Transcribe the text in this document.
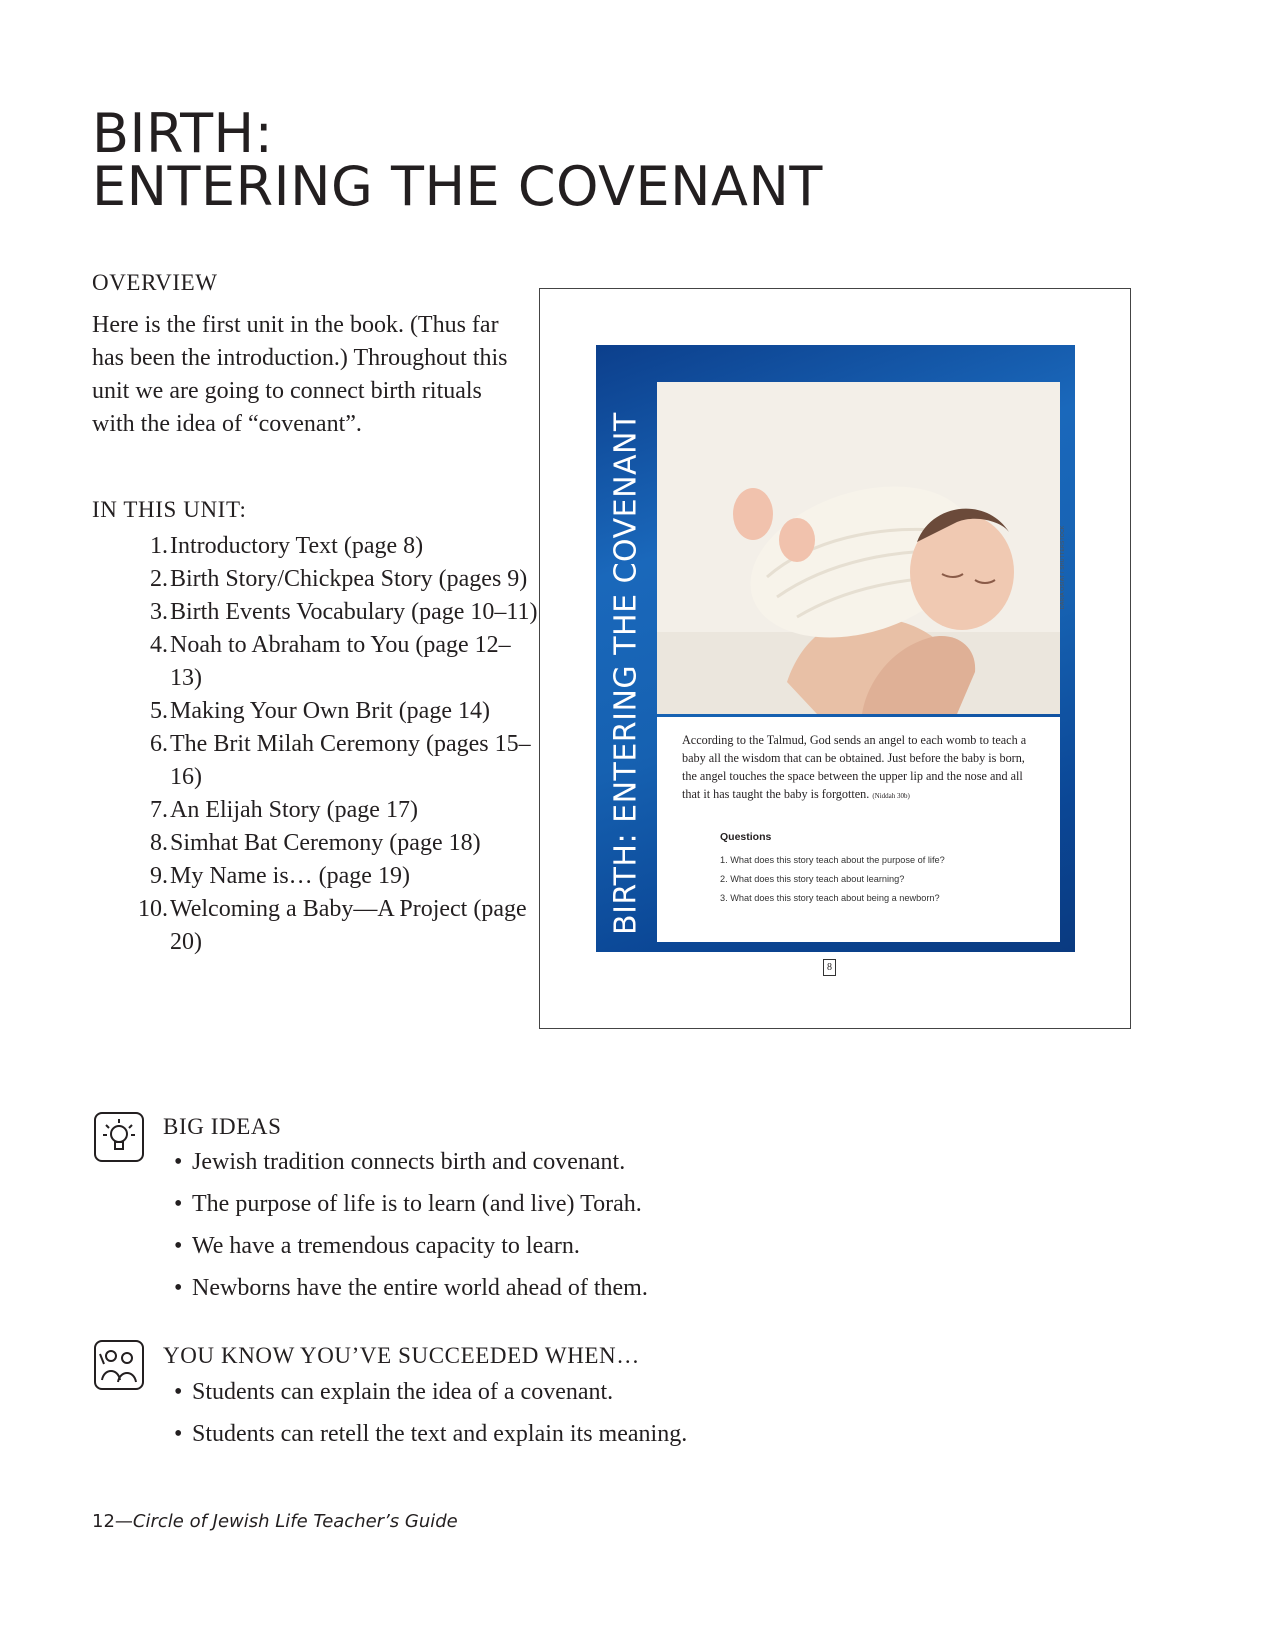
BIRTH:
ENTERING THE COVENANT
OVERVIEW

Here is the first unit in the book. (Thus far has been the introduction.) Throughout this unit we are going to connect birth rituals with the idea of “covenant”.

IN THIS UNIT:
1. Introductory Text (page 8)
2. Birth Story/Chickpea Story (pages 9)
3. Birth Events Vocabulary (page 10–11)
4. Noah to Abraham to You (page 12–13)
5. Making Your Own Brit (page 14)
6. The Brit Milah Ceremony (pages 15–16)
7. An Elijah Story (page 17)
8. Simhat Bat Ceremony (page 18)
9. My Name is… (page 19)
10. Welcoming a Baby—A Project (page 20)
BIRTH: ENTERING THE COVENANT	According to the Talmud, God sends an angel to each womb to teach a baby all the wisdom that can be obtained. Just before the baby is born, the angel touches the space between the upper lip and the nose and all that it has taught the baby is forgotten. (Niddah 30b)

Questions

1. What does this story teach about the purpose of life?
2. What does this story teach about learning?
3. What does this story teach about being a newborn?
DARIA OSIAT / SHUTTERSTOCK
8
BIG IDEAS
• Jewish tradition connects birth and covenant.
• The purpose of life is to learn (and live) Torah.
• We have a tremendous capacity to learn.
• Newborns have the entire world ahead of them.
YOU KNOW YOU’VE SUCCEEDED WHEN…
• Students can explain the idea of a covenant.
• Students can retell the text and explain its meaning.
12—Circle of Jewish Life Teacher’s Guide
